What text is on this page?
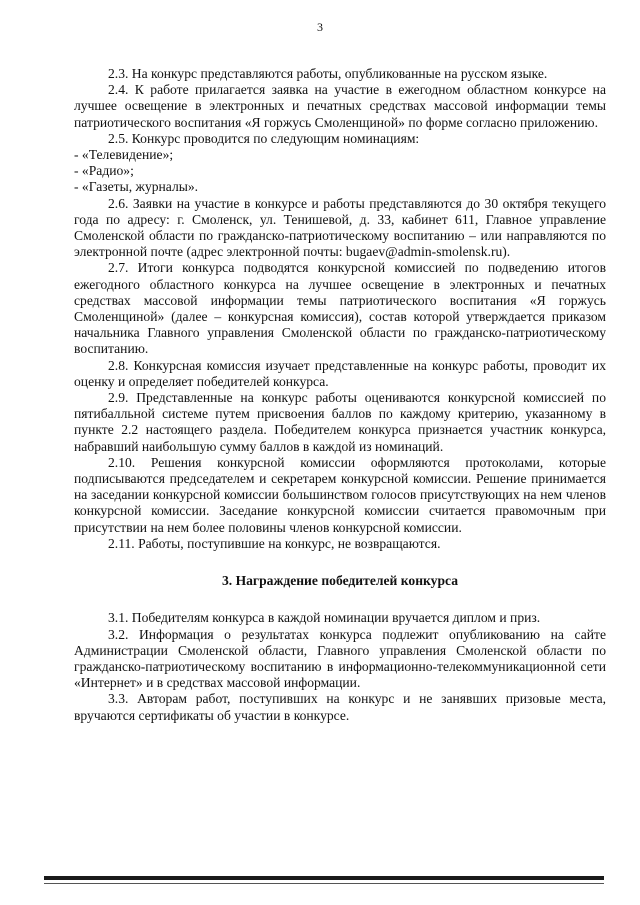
3

2.3. На конкурс представляются работы, опубликованные на русском языке.

2.4. К работе прилагается заявка на участие в ежегодном областном конкурсе на лучшее освещение в электронных и печатных средствах массовой информации темы патриотического воспитания «Я горжусь Смоленщиной» по форме согласно приложению.

2.5. Конкурс проводится по следующим номинациям:

- «Телевидение»;

- «Радио»;

- «Газеты, журналы».

2.6. Заявки на участие в конкурсе и работы представляются до 30 октября текущего года по адресу: г. Смоленск, ул. Тенишевой, д. 33, кабинет 611, Главное управление Смоленской области по гражданско-патриотическому воспитанию – или направляются по электронной почте (адрес электронной почты: bugaev@admin-smolensk.ru).

2.7. Итоги конкурса подводятся конкурсной комиссией по подведению итогов ежегодного областного конкурса на лучшее освещение в электронных и печатных средствах массовой информации темы патриотического воспитания «Я горжусь Смоленщиной» (далее – конкурсная комиссия), состав которой утверждается приказом начальника Главного управления Смоленской области по гражданско-патриотическому воспитанию.

2.8. Конкурсная комиссия изучает представленные на конкурс работы, проводит их оценку и определяет победителей конкурса.

2.9. Представленные на конкурс работы оцениваются конкурсной комиссией по пятибалльной системе путем присвоения баллов по каждому критерию, указанному в пункте 2.2 настоящего раздела. Победителем конкурса признается участник конкурса, набравший наибольшую сумму баллов в каждой из номинаций.

2.10. Решения конкурсной комиссии оформляются протоколами, которые подписываются председателем и секретарем конкурсной комиссии. Решение принимается на заседании конкурсной комиссии большинством голосов присутствующих на нем членов конкурсной комиссии. Заседание конкурсной комиссии считается правомочным при присутствии на нем более половины членов конкурсной комиссии.

2.11. Работы, поступившие на конкурс, не возвращаются.

3. Награждение победителей конкурса

3.1. Победителям конкурса в каждой номинации вручается диплом и приз.

3.2. Информация о результатах конкурса подлежит опубликованию на сайте Администрации Смоленской области, Главного управления Смоленской области по гражданско-патриотическому воспитанию в информационно-телекоммуникационной сети «Интернет» и в средствах массовой информации.

3.3. Авторам работ, поступивших на конкурс и не занявших призовые места, вручаются сертификаты об участии в конкурсе.
